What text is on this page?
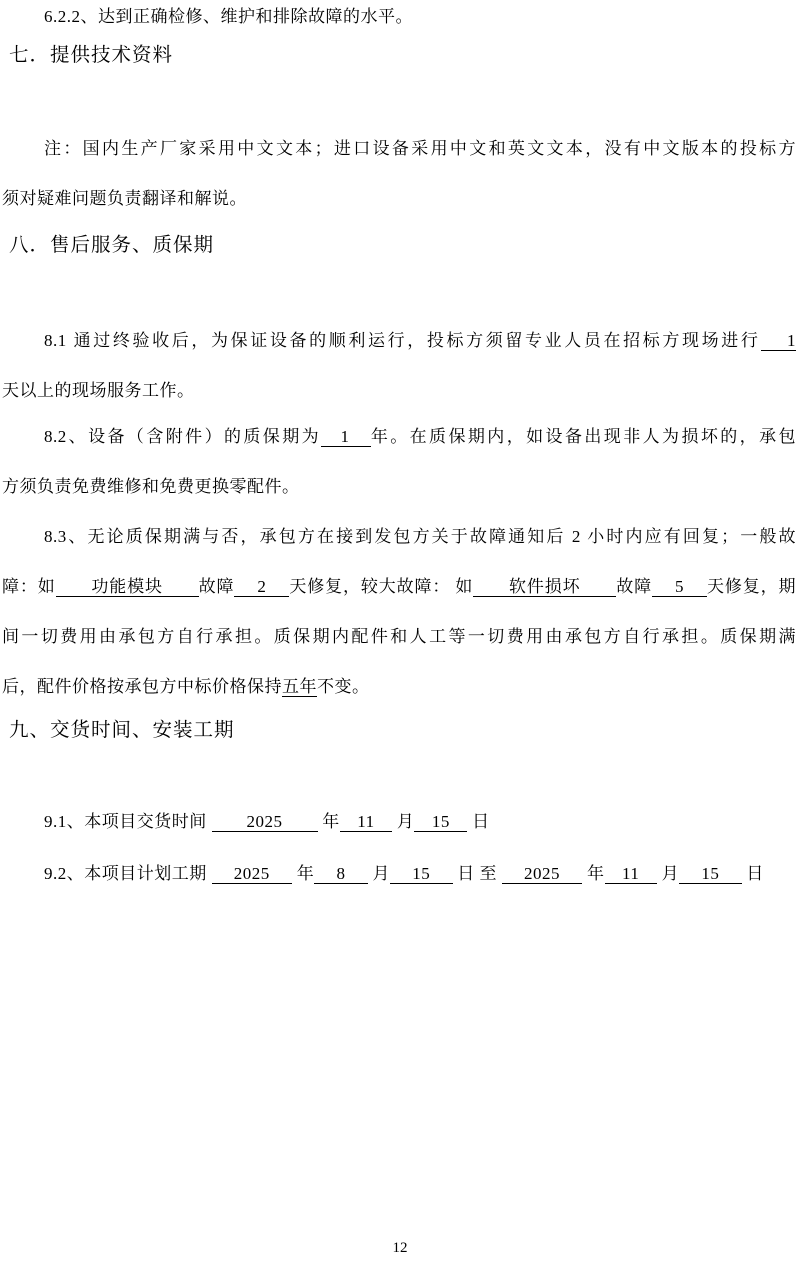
6.2.2、达到正确检修、维护和排除故障的水平。
七．提供技术资料
注：国内生产厂家采用中文文本；进口设备采用中文和英文文本，没有中文版本的投标方
须对疑难问题负责翻译和解说。
八．售后服务、质保期
8.1 通过终验收后，为保证设备的顺利运行，投标方须留专业人员在招标方现场进行　 1
天以上的现场服务工作。
8.2、设备（含附件）的质保期为　1　年。在质保期内，如设备出现非人为损坏的，承包
方须负责免费维修和免费更换零配件。
8.3、无论质保期满与否，承包方在接到发包方关于故障通知后 2 小时内应有回复；一般故
障：如　　功能模块　　故障　 2 　天修复，较大故障： 如　　软件损坏　　故障　 5 　天修复，期
间一切费用由承包方自行承担。质保期内配件和人工等一切费用由承包方自行承担。质保期满
后，配件价格按承包方中标价格保持五年不变。
九、交货时间、安装工期
9.1、本项目交货时间 　　2025　　 年　11　 月　15　 日
9.2、本项目计划工期 　 2025 　 年　 8 　 月　 15 　 日 至 　 2025 　 年　11　 月　 15 　 日
12
